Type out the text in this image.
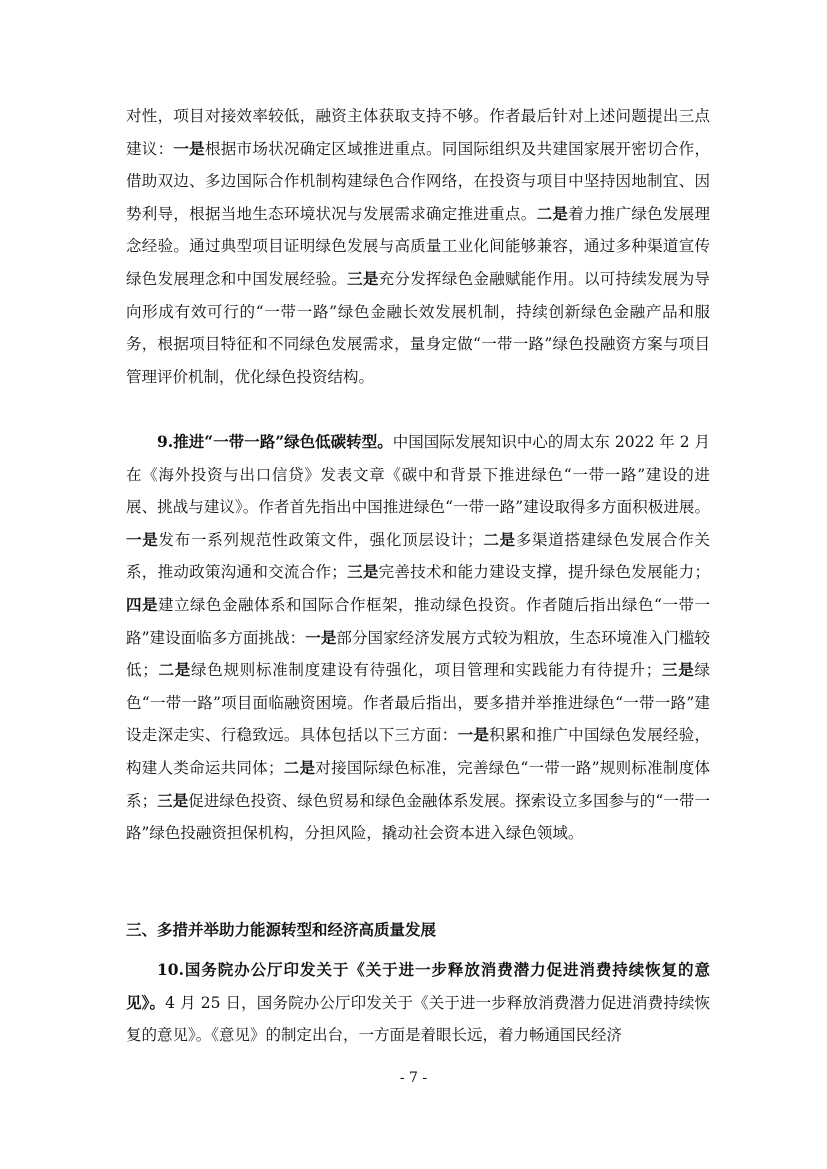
对性，项目对接效率较低，融资主体获取支持不够。作者最后针对上述问题提出三点建议：一是根据市场状况确定区域推进重点。同国际组织及共建国家展开密切合作，借助双边、多边国际合作机制构建绿色合作网络，在投资与项目中坚持因地制宜、因势利导，根据当地生态环境状况与发展需求确定推进重点。二是着力推广绿色发展理念经验。通过典型项目证明绿色发展与高质量工业化间能够兼容，通过多种渠道宣传绿色发展理念和中国发展经验。三是充分发挥绿色金融赋能作用。以可持续发展为导向形成有效可行的“一带一路”绿色金融长效发展机制，持续创新绿色金融产品和服务，根据项目特征和不同绿色发展需求，量身定做“一带一路”绿色投融资方案与项目管理评价机制，优化绿色投资结构。

9.推进“一带一路”绿色低碳转型。中国国际发展知识中心的周太东 2022 年 2 月在《海外投资与出口信贷》发表文章《碳中和背景下推进绿色“一带一路”建设的进展、挑战与建议》。作者首先指出中国推进绿色“一带一路”建设取得多方面积极进展。一是发布一系列规范性政策文件，强化顶层设计；二是多渠道搭建绿色发展合作关系，推动政策沟通和交流合作；三是完善技术和能力建设支撑，提升绿色发展能力；四是建立绿色金融体系和国际合作框架，推动绿色投资。作者随后指出绿色“一带一路”建设面临多方面挑战：一是部分国家经济发展方式较为粗放，生态环境准入门槛较低；二是绿色规则标准制度建设有待强化，项目管理和实践能力有待提升；三是绿色“一带一路”项目面临融资困境。作者最后指出，要多措并举推进绿色“一带一路”建设走深走实、行稳致远。具体包括以下三方面：一是积累和推广中国绿色发展经验，构建人类命运共同体；二是对接国际绿色标准，完善绿色“一带一路”规则标准制度体系；三是促进绿色投资、绿色贸易和绿色金融体系发展。探索设立多国参与的“一带一路”绿色投融资担保机构，分担风险，撬动社会资本进入绿色领域。

三、多措并举助力能源转型和经济高质量发展

10.国务院办公厅印发关于《关于进一步释放消费潜力促进消费持续恢复的意见》。4 月 25 日，国务院办公厅印发关于《关于进一步释放消费潜力促进消费持续恢复的意见》。《意见》的制定出台，一方面是着眼长远，着力畅通国民经济

- 7 -
